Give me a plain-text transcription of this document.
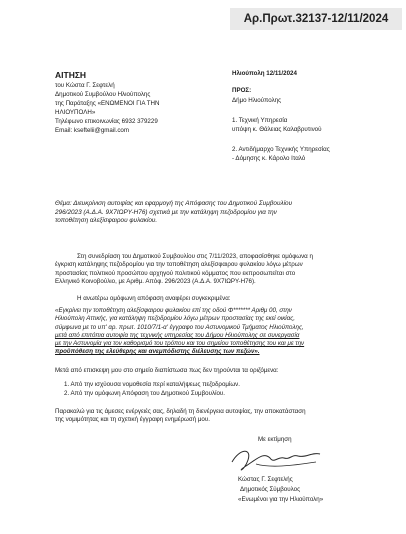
Αρ.Πρωτ.32137-12/11/2024
ΑΙΤΗΣΗ
του Κώστα Γ. Σεφτελή
Δημοτικού Συμβούλου Ηλιούπολης
της Παράταξης «ΕΝΩΜΕΝΟΙ ΓΙΑ ΤΗΝ
ΗΛΙΟΥΠΟΛΗ»
Τηλέφωνο επικοινωνίας 6932 379229
Email: kseftelii@gmail.com
Ηλιούπολη 12/11/2024
ΠΡΟΣ:
Δήμο Ηλιούπολης
1. Τεχνική Υπηρεσία
υπόψη κ. Θάλειας Καλαβρυτινού
2. Αντιδήμαρχο Τεχνικής Υπηρεσίας
- Δόμησης κ. Κάρολο Ιταλό
Θέμα: Διευκρίνιση αυτοψίας και εφαρμογή της Απόφασης του Δημοτικού Συμβουλίου
296/2023 (Α.Δ.Α. 9Χ7ΙΩΡΥ-Η76) σχετικά με την κατάληψη πεζοδρομίου για την
τοποθέτηση αλεξίσφαιρου φυλακίου.
Στη συνεδρίαση του Δημοτικού Συμβουλίου στις 7/11/2023, αποφασίσθηκε ομόφωνα η
έγκριση κατάληψης πεζοδρομίου για την τοποθέτηση αλεξίσφαιρου φυλακίου λόγω μέτρων
προστασίας πολιτικού προσώπου αρχηγού πολιτικού κόμματος που εκπροσωπείται στο
Ελληνικό Κοινοβούλιο, με Αριθμ. Απόφ. 296/2023 (Α.Δ.Α. 9Χ7ΙΩΡΥ-Η76).
Η ανωτέρω ομόφωνη απόφαση αναφέρει συγκεκριμένα:
«Εγκρίνει την τοποθέτηση αλεξίσφαιρου φυλακίου επί της οδού Φ******* Αριθμ 00, στην
Ηλιούπολη Αττικής, για κατάληψη πεζοδρομίου λόγω μέτρων προστασίας της εκεί οικίας,
σύμφωνα με το υπ' αρ. πρωτ. 1010/7/1-α' έγγραφο του Αστυνομικού Τμήματος Ηλιούπολης,
μετά από επιτόπια αυτοψία της τεχνικής υπηρεσίας του Δήμου Ηλιούπολης σε συνεργασία
με την Αστυνομία για τον καθορισμό του τρόπου και του σημείου τοποθέτησης του και με την
προϋπόθεση της ελεύθερης και ανεμπόδιστης διέλευσης των πεζών».
Μετά από επισκεψη μου στο σημείο διαπίστωσα πως δεν τηρούνται τα οριζόμενα:
1. Από την ισχύουσα νομοθεσία περί καταλήψεως πεζοδρομίων.
2. Από την ομόφωνη Απόφαση του Δημοτικού Συμβουλίου.
Παρακαλώ για τις άμεσες ενέργειές σας, δηλαδή τη διενέργεια αυτοψίας, την αποκατάσταση
της νομιμότητας και τη σχετική έγγραφη ενημέρωσή μου.
Με εκτίμηση
Κώστας Γ. Σεφτελής
Δημοτικός Σύμβουλος
«Ενωμένοι για την Ηλιούπολη»
